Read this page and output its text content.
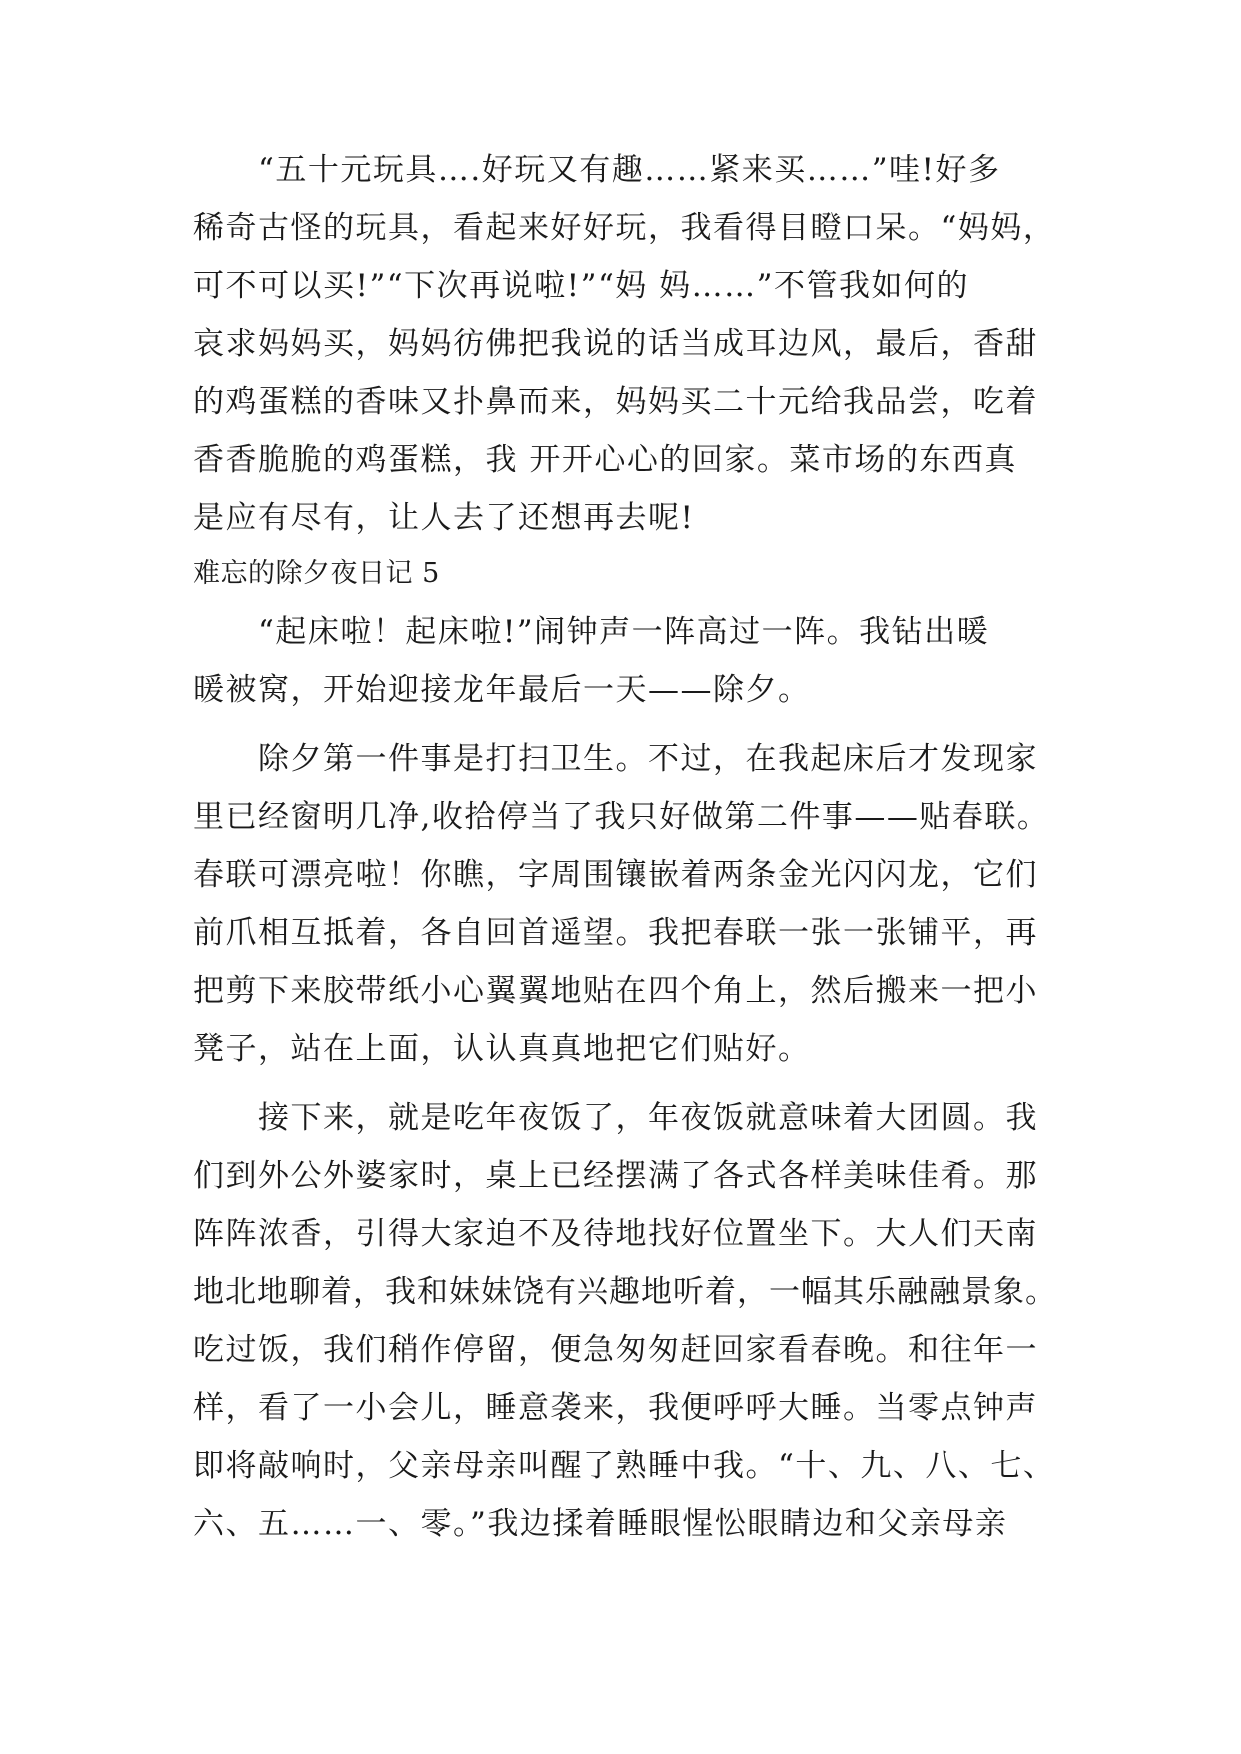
　　“五十元玩具….好玩又有趣……紧来买……”哇!好多
稀奇古怪的玩具，看起来好好玩，我看得目瞪口呆。“妈妈，
可不可以买!”“下次再说啦!”“妈 妈……”不管我如何的
哀求妈妈买，妈妈彷佛把我说的话当成耳边风，最后，香甜
的鸡蛋糕的香味又扑鼻而来，妈妈买二十元给我品尝，吃着
香香脆脆的鸡蛋糕，我 开开心心的回家。菜市场的东西真
是应有尽有，让人去了还想再去呢!
难忘的除夕夜日记 5
　　“起床啦！起床啦!”闹钟声一阵高过一阵。我钻出暖
暖被窝，开始迎接龙年最后一天——除夕。
　　除夕第一件事是打扫卫生。不过，在我起床后才发现家
里已经窗明几净,收拾停当了我只好做第二件事——贴春联。
春联可漂亮啦！你瞧，字周围镶嵌着两条金光闪闪龙，它们
前爪相互抵着，各自回首遥望。我把春联一张一张铺平，再
把剪下来胶带纸小心翼翼地贴在四个角上，然后搬来一把小
凳子，站在上面，认认真真地把它们贴好。
　　接下来，就是吃年夜饭了，年夜饭就意味着大团圆。我
们到外公外婆家时，桌上已经摆满了各式各样美味佳肴。那
阵阵浓香，引得大家迫不及待地找好位置坐下。大人们天南
地北地聊着，我和妹妹饶有兴趣地听着，一幅其乐融融景象。
吃过饭，我们稍作停留，便急匆匆赶回家看春晚。和往年一
样，看了一小会儿，睡意袭来，我便呼呼大睡。当零点钟声
即将敲响时，父亲母亲叫醒了熟睡中我。“十、九、八、七、
六、五……一、零。”我边揉着睡眼惺忪眼睛边和父亲母亲
